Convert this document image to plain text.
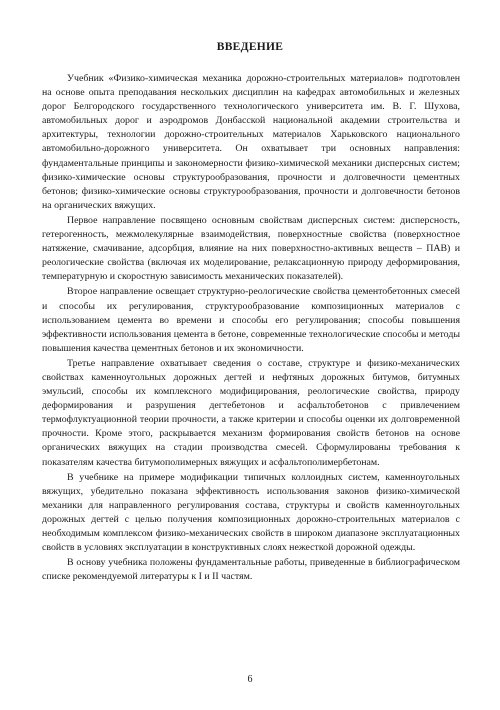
ВВЕДЕНИЕ

Учебник «Физико-химическая механика дорожно-строительных материалов» подготовлен на основе опыта преподавания нескольких дисциплин на кафедрах автомобильных и железных дорог Белгородского государственного технологического университета им. В. Г. Шухова, автомобильных дорог и аэродромов Донбасской национальной академии строительства и архитектуры, технологии дорожно-строительных материалов Харьковского национального автомобильно-дорожного университета. Он охватывает три основных направления: фундаментальные принципы и закономерности физико-химической механики дисперсных систем; физико-химические основы структурообразования, прочности и долговечности цементных бетонов; физико-химические основы структурообразования, прочности и долговечности бетонов на органических вяжущих.

Первое направление посвящено основным свойствам дисперсных систем: дисперсность, гетерогенность, межмолекулярные взаимодействия, поверхностные свойства (поверхностное натяжение, смачивание, адсорбция, влияние на них поверхностно-активных веществ – ПАВ) и реологические свойства (включая их моделирование, релаксационную природу деформирования, температурную и скоростную зависимость механических показателей).

Второе направление освещает структурно-реологические свойства цементобетонных смесей и способы их регулирования, структурообразование композиционных материалов с использованием цемента во времени и способы его регулирования; способы повышения эффективности использования цемента в бетоне, современные технологические способы и методы повышения качества цементных бетонов и их экономичности.

Третье направление охватывает сведения о составе, структуре и физико-механических свойствах каменноугольных дорожных дегтей и нефтяных дорожных битумов, битумных эмульсий, способы их комплексного модифицирования, реологические свойства, природу деформирования и разрушения дегтебетонов и асфальтобетонов с привлечением термофлуктуационной теории прочности, а также критерии и способы оценки их долговременной прочности. Кроме этого, раскрывается механизм формирования свойств бетонов на основе органических вяжущих на стадии производства смесей. Сформулированы требования к показателям качества битумополимерных вяжущих и асфальтополимербетонам.

В учебнике на примере модификации типичных коллоидных систем, каменноугольных вяжущих, убедительно показана эффективность использования законов физико-химической механики для направленного регулирования состава, структуры и свойств каменноугольных дорожных дегтей с целью получения композиционных дорожно-строительных материалов с необходимым комплексом физико-механических свойств в широком диапазоне эксплуатационных свойств в условиях эксплуатации в конструктивных слоях нежесткой дорожной одежды.

В основу учебника положены фундаментальные работы, приведенные в библиографическом списке рекомендуемой литературы к I и II частям.

6
